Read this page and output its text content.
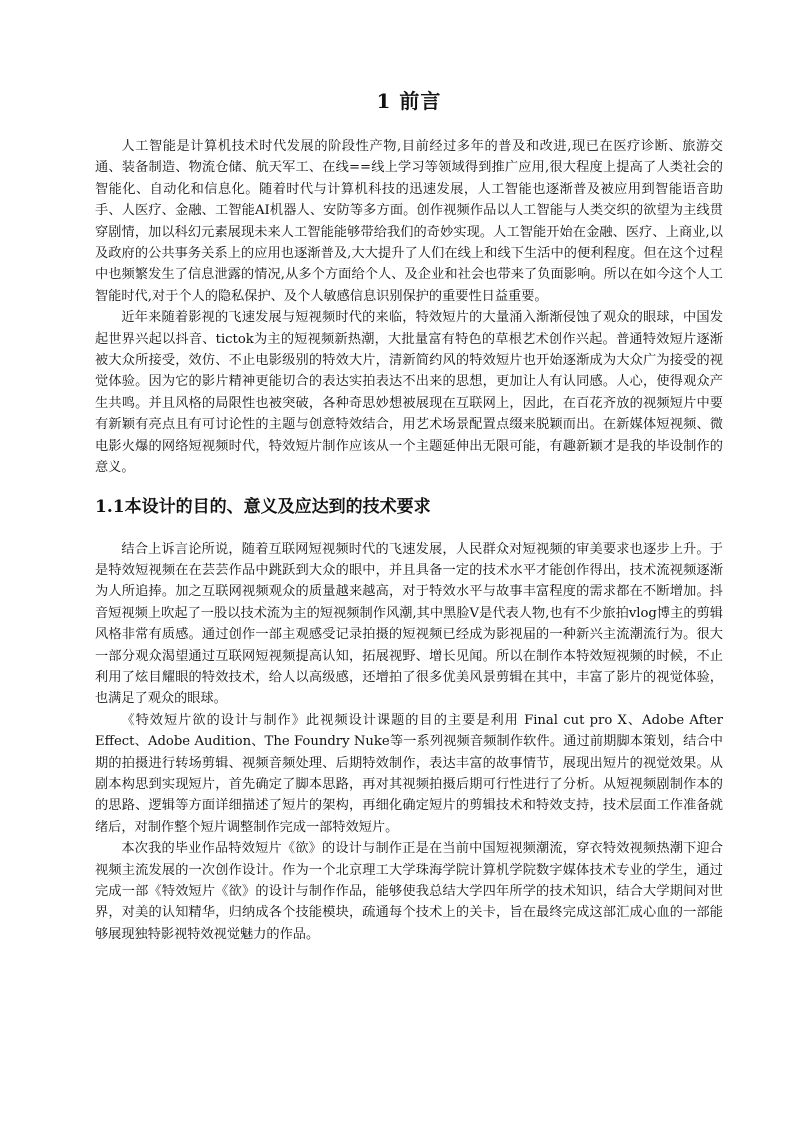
1 前言

人工智能是计算机技术时代发展的阶段性产物,目前经过多年的普及和改进,现已在医疗诊断、旅游交通、装备制造、物流仓储、航天军工、在线==线上学习等领域得到推广应用,很大程度上提高了人类社会的智能化、自动化和信息化。随着时代与计算机科技的迅速发展，人工智能也逐渐普及被应用到智能语音助手、人医疗、金融、工智能AI机器人、安防等多方面。创作视频作品以人工智能与人类交织的欲望为主线贯穿剧情，加以科幻元素展现未来人工智能能够带给我们的奇妙实现。人工智能开始在金融、医疗、上商业,以及政府的公共事务关系上的应用也逐渐普及,大大提升了人们在线上和线下生活中的便利程度。但在这个过程中也频繁发生了信息泄露的情况,从多个方面给个人、及企业和社会也带来了负面影响。所以在如今这个人工智能时代,对于个人的隐私保护、及个人敏感信息识别保护的重要性日益重要。

近年来随着影视的飞速发展与短视频时代的来临，特效短片的大量涌入渐渐侵蚀了观众的眼球，中国发起世界兴起以抖音、tictok为主的短视频新热潮，大批量富有特色的草根艺术创作兴起。普通特效短片逐渐被大众所接受，效仿、不止电影级别的特效大片，清新简约风的特效短片也开始逐渐成为大众广为接受的视觉体验。因为它的影片精神更能切合的表达实拍表达不出来的思想，更加让人有认同感。人心，使得观众产生共鸣。并且风格的局限性也被突破，各种奇思妙想被展现在互联网上，因此，在百花齐放的视频短片中要有新颖有亮点且有可讨论性的主题与创意特效结合，用艺术场景配置点缀来脱颖而出。在新媒体短视频、微电影火爆的网络短视频时代，特效短片制作应该从一个主题延伸出无限可能，有趣新颖才是我的毕设制作的意义。

1.1本设计的目的、意义及应达到的技术要求

结合上诉言论所说，随着互联网短视频时代的飞速发展，人民群众对短视频的审美要求也逐步上升。于是特效短视频在在芸芸作品中跳跃到大众的眼中，并且具备一定的技术水平才能创作得出，技术流视频逐渐为人所追捧。加之互联网视频观众的质量越来越高，对于特效水平与故事丰富程度的需求都在不断增加。抖音短视频上吹起了一股以技术流为主的短视频制作风潮,其中黑脸V是代表人物,也有不少旅拍vlog博主的剪辑风格非常有质感。通过创作一部主观感受记录拍摄的短视频已经成为影视届的一种新兴主流潮流行为。很大一部分观众渴望通过互联网短视频提高认知，拓展视野、增长见闻。所以在制作本特效短视频的时候，不止利用了炫目耀眼的特效技术，给人以高级感，还增拍了很多优美风景剪辑在其中，丰富了影片的视觉体验，也满足了观众的眼球。

《特效短片欲的设计与制作》此视频设计课题的目的主要是利用 Final cut pro X、Adobe After Effect、Adobe Audition、The Foundry Nuke等一系列视频音频制作软件。通过前期脚本策划，结合中期的拍摄进行转场剪辑、视频音频处理、后期特效制作，表达丰富的故事情节，展现出短片的视觉效果。从剧本构思到实现短片，首先确定了脚本思路，再对其视频拍摄后期可行性进行了分析。从短视频剧制作本的的思路、逻辑等方面详细描述了短片的架构，再细化确定短片的剪辑技术和特效支持，技术层面工作准备就绪后，对制作整个短片调整制作完成一部特效短片。

本次我的毕业作品特效短片《欲》的设计与制作正是在当前中国短视频潮流，穿衣特效视频热潮下迎合视频主流发展的一次创作设计。作为一个北京理工大学珠海学院计算机学院数字媒体技术专业的学生，通过完成一部《特效短片《欲》的设计与制作作品，能够使我总结大学四年所学的技术知识，结合大学期间对世界，对美的认知精华，归纳成各个技能模块，疏通每个技术上的关卡，旨在最终完成这部汇成心血的一部能够展现独特影视特效视觉魅力的作品。
